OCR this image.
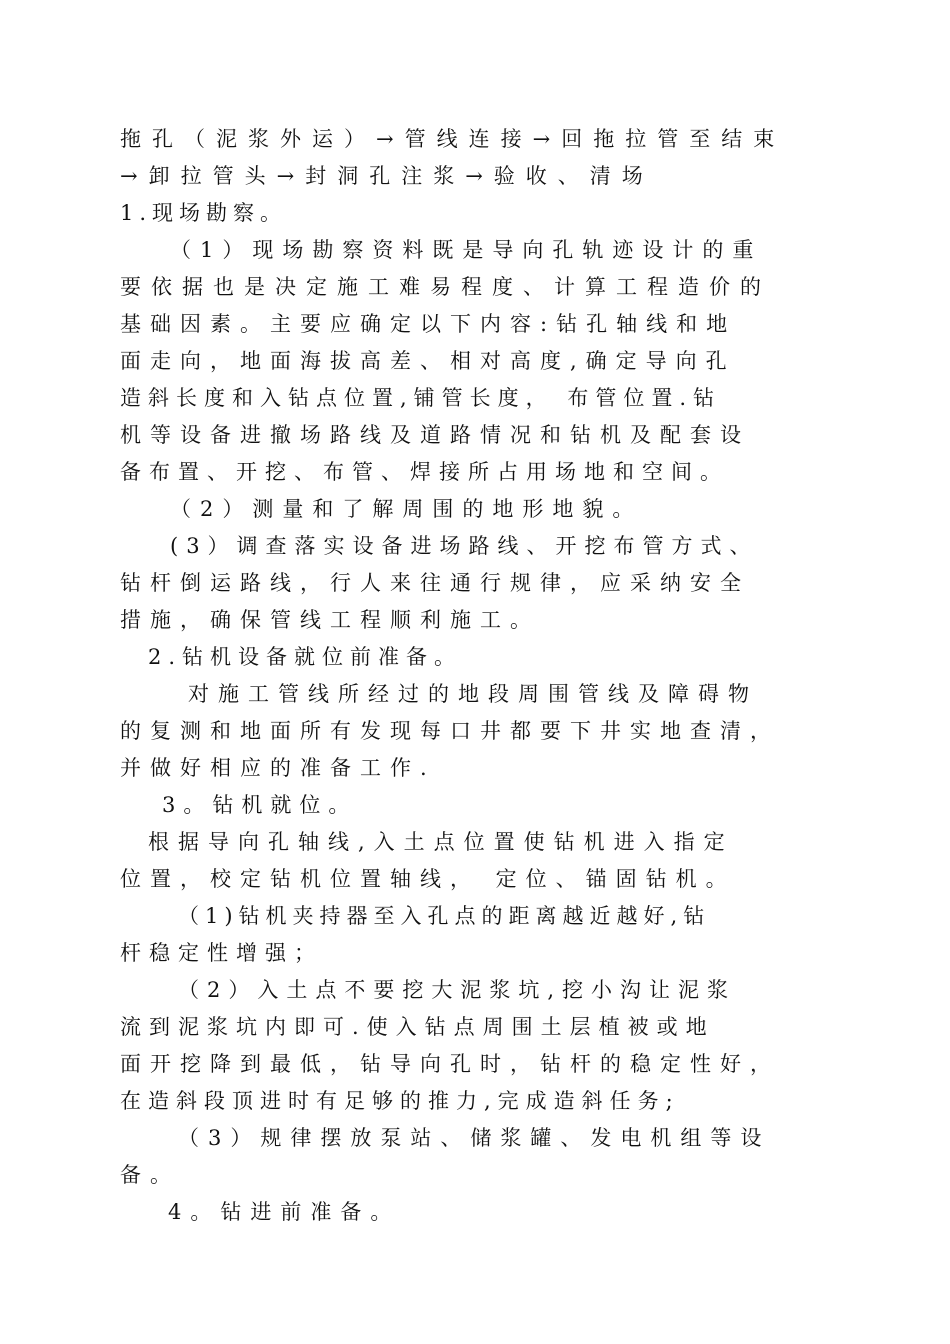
拖孔（泥浆外运）→管线连接→回拖拉管至结束
→卸拉管头→封洞孔注浆→验收、清场
1.现场勘察。
（1）现场勘察资料既是导向孔轨迹设计的重
要依据也是决定施工难易程度、计算工程造价的
基础因素。主要应确定以下内容:钻孔轴线和地
面走向，地面海拔高差、相对高度,确定导向孔
造斜长度和入钻点位置,铺管长度， 布管位置.钻
机等设备进撤场路线及道路情况和钻机及配套设
备布置、开挖、布管、焊接所占用场地和空间。
（2）测量和了解周围的地形地貌。
(3）调查落实设备进场路线、开挖布管方式、
钻杆倒运路线，行人来往通行规律，应采纳安全
措施，确保管线工程顺利施工。
2.钻机设备就位前准备。
对施工管线所经过的地段周围管线及障碍物
的复测和地面所有发现每口井都要下井实地查清，
并做好相应的准备工作.
3。钻机就位。
根据导向孔轴线,入土点位置使钻机进入指定
位置，校定钻机位置轴线， 定位、锚固钻机。
（1)钻机夹持器至入孔点的距离越近越好,钻
杆稳定性增强；
（2）入土点不要挖大泥浆坑,挖小沟让泥浆
流到泥浆坑内即可.使入钻点周围土层植被或地
面开挖降到最低，钻导向孔时，钻杆的稳定性好，
在造斜段顶进时有足够的推力,完成造斜任务;
（3）规律摆放泵站、储浆罐、发电机组等设
备。
4。钻进前准备。
